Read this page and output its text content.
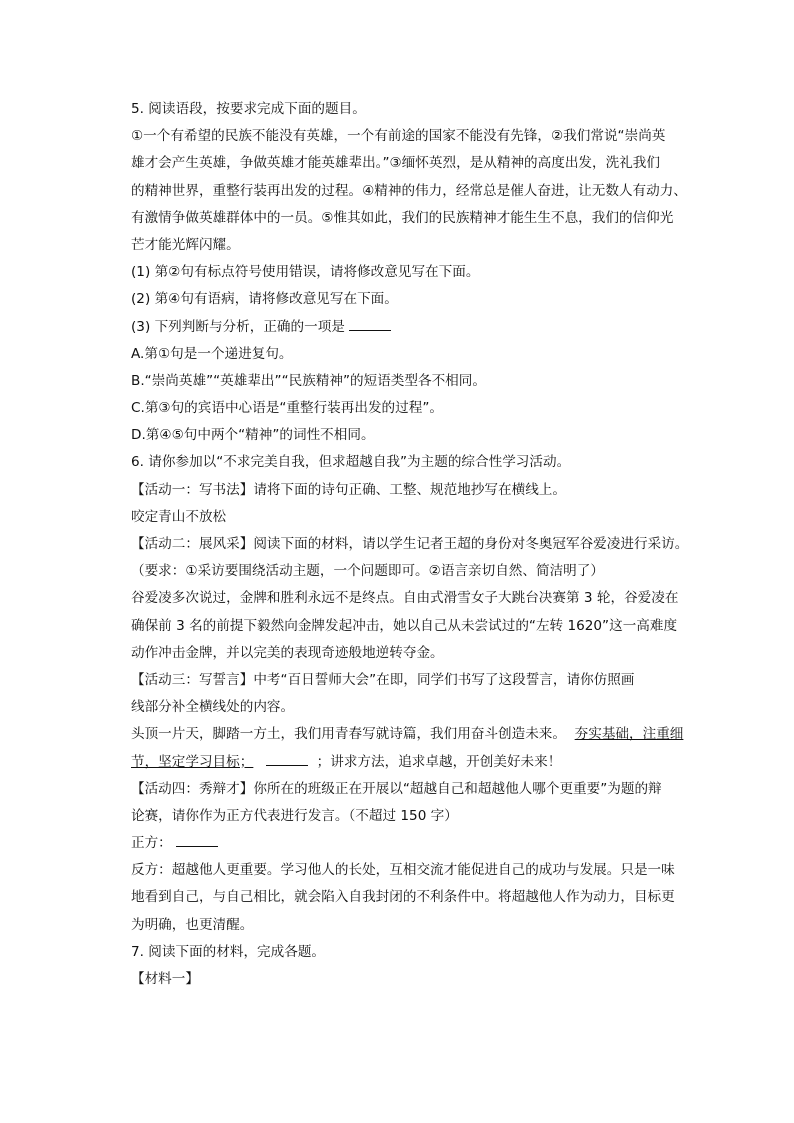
5. 阅读语段，按要求完成下面的题目。
①一个有希望的民族不能没有英雄，一个有前途的国家不能没有先锋，②我们常说“崇尚英
雄才会产生英雄，争做英雄才能英雄辈出。”③缅怀英烈，是从精神的高度出发，洗礼我们
的精神世界，重整行装再出发的过程。④精神的伟力，经常总是催人奋进，让无数人有动力、
有激情争做英雄群体中的一员。⑤惟其如此，我们的民族精神才能生生不息，我们的信仰光
芒才能光辉闪耀。
(1) 第②句有标点符号使用错误，请将修改意见写在下面。
(2) 第④句有语病，请将修改意见写在下面。
(3) 下列判断与分析，正确的一项是
A.第①句是一个递进复句。
B.“崇尚英雄”“英雄辈出”“民族精神”的短语类型各不相同。
C.第③句的宾语中心语是“重整行装再出发的过程”。
D.第④⑤句中两个“精神”的词性不相同。
6. 请你参加以“不求完美自我，但求超越自我”为主题的综合性学习活动。
【活动一：写书法】请将下面的诗句正确、工整、规范地抄写在横线上。
咬定青山不放松
【活动二：展风采】阅读下面的材料，请以学生记者王超的身份对冬奥冠军谷爱凌进行采访。
（要求：①采访要围绕活动主题，一个问题即可。②语言亲切自然、简洁明了）
谷爱凌多次说过，金牌和胜利永远不是终点。自由式滑雪女子大跳台决赛第 3 轮，谷爱凌在
确保前 3 名的前提下毅然向金牌发起冲击，她以自己从未尝试过的“左转 1620”这一高难度
动作冲击金牌，并以完美的表现奇迹般地逆转夺金。
【活动三：写誓言】中考“百日誓师大会”在即，同学们书写了这段誓言，请你仿照画
线部分补全横线处的内容。
头顶一片天，脚踏一方土，我们用青春写就诗篇，我们用奋斗创造未来。 夯实基础，注重细
节，坚定学习目标；	；讲求方法，追求卓越，开创美好未来！
【活动四：秀辩才】你所在的班级正在开展以“超越自己和超越他人哪个更重要”为题的辩
论赛，请你作为正方代表进行发言。（不超过 150 字）
正方：
反方：超越他人更重要。学习他人的长处，互相交流才能促进自己的成功与发展。只是一味
地看到自己，与自己相比，就会陷入自我封闭的不利条件中。将超越他人作为动力，目标更
为明确，也更清醒。
7. 阅读下面的材料，完成各题。
【材料一】
